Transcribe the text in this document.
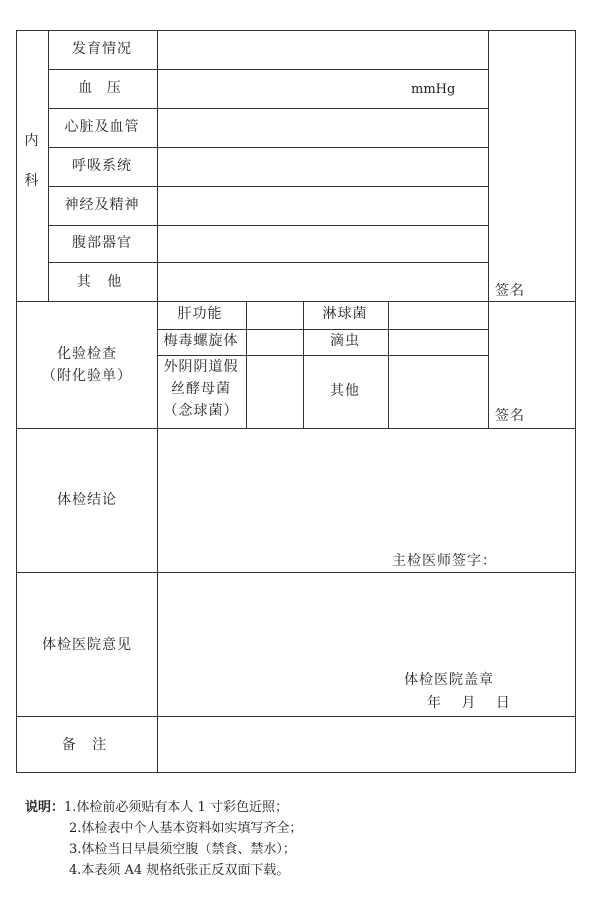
内
科
发育情况
血 压	mmHg
心脏及血管
呼吸系统
神经及精神
腹部器官
其 他
签名
化验检查
（附化验单）
肝功能
梅毒螺旋体
外阴阴道假
丝酵母菌
（念球菌）
淋球菌
滴虫
其他
签名
体检结论
主检医师签字：
体检医院意见
体检医院盖章
年 月 日
备 注
说明：1.体检前必须贴有本人 1 寸彩色近照；
2.体检表中个人基本资料如实填写齐全；
3.体检当日早晨须空腹（禁食、禁水）；
4.本表须 A4 规格纸张正反双面下载。
